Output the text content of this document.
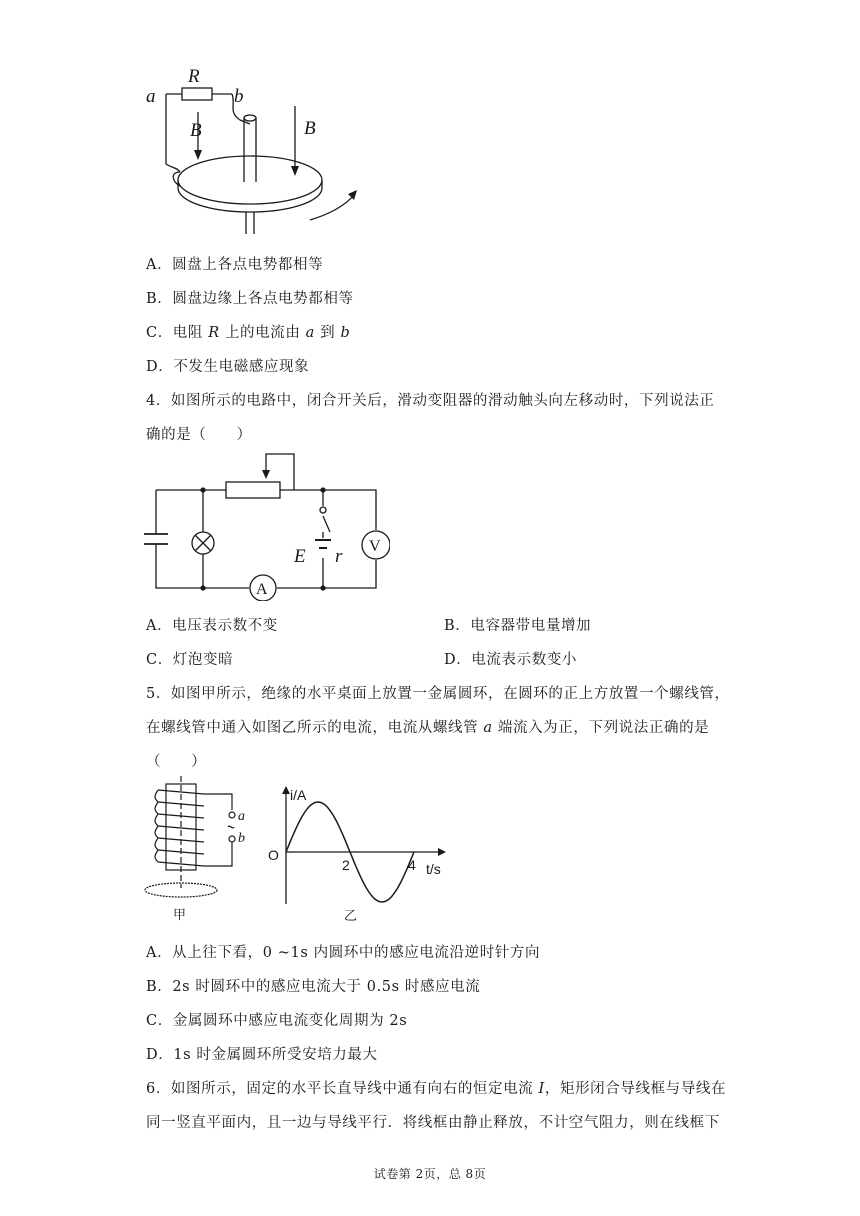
a
R
b
B	B
A．圆盘上各点电势都相等
B．圆盘边缘上各点电势都相等
C．电阻 R 上的电流由 a 到 b
D．不发生电磁感应现象
4．如图所示的电路中，闭合开关后，滑动变阻器的滑动触头向左移动时，下列说法正
确的是（　　）
E r
A
V
A．电压表示数不变	B．电容器带电量增加
C．灯泡变暗	D．电流表示数变小
5．如图甲所示，绝缘的水平桌面上放置一金属圆环，在圆环的正上方放置一个螺线管，
在螺线管中通入如图乙所示的电流，电流从螺线管 a 端流入为正，下列说法正确的是
（　　）
a
b
甲
i/A
t/s
O
2	4
乙
A．从上往下看，0 ~1s 内圆环中的感应电流沿逆时针方向
B．2s 时圆环中的感应电流大于 0.5s 时感应电流
C．金属圆环中感应电流变化周期为 2s
D．1s 时金属圆环所受安培力最大
6．如图所示，固定的水平长直导线中通有向右的恒定电流 I，矩形闭合导线框与导线在
同一竖直平面内，且一边与导线平行．将线框由静止释放，不计空气阻力，则在线框下
试卷第 2页，总 8页
